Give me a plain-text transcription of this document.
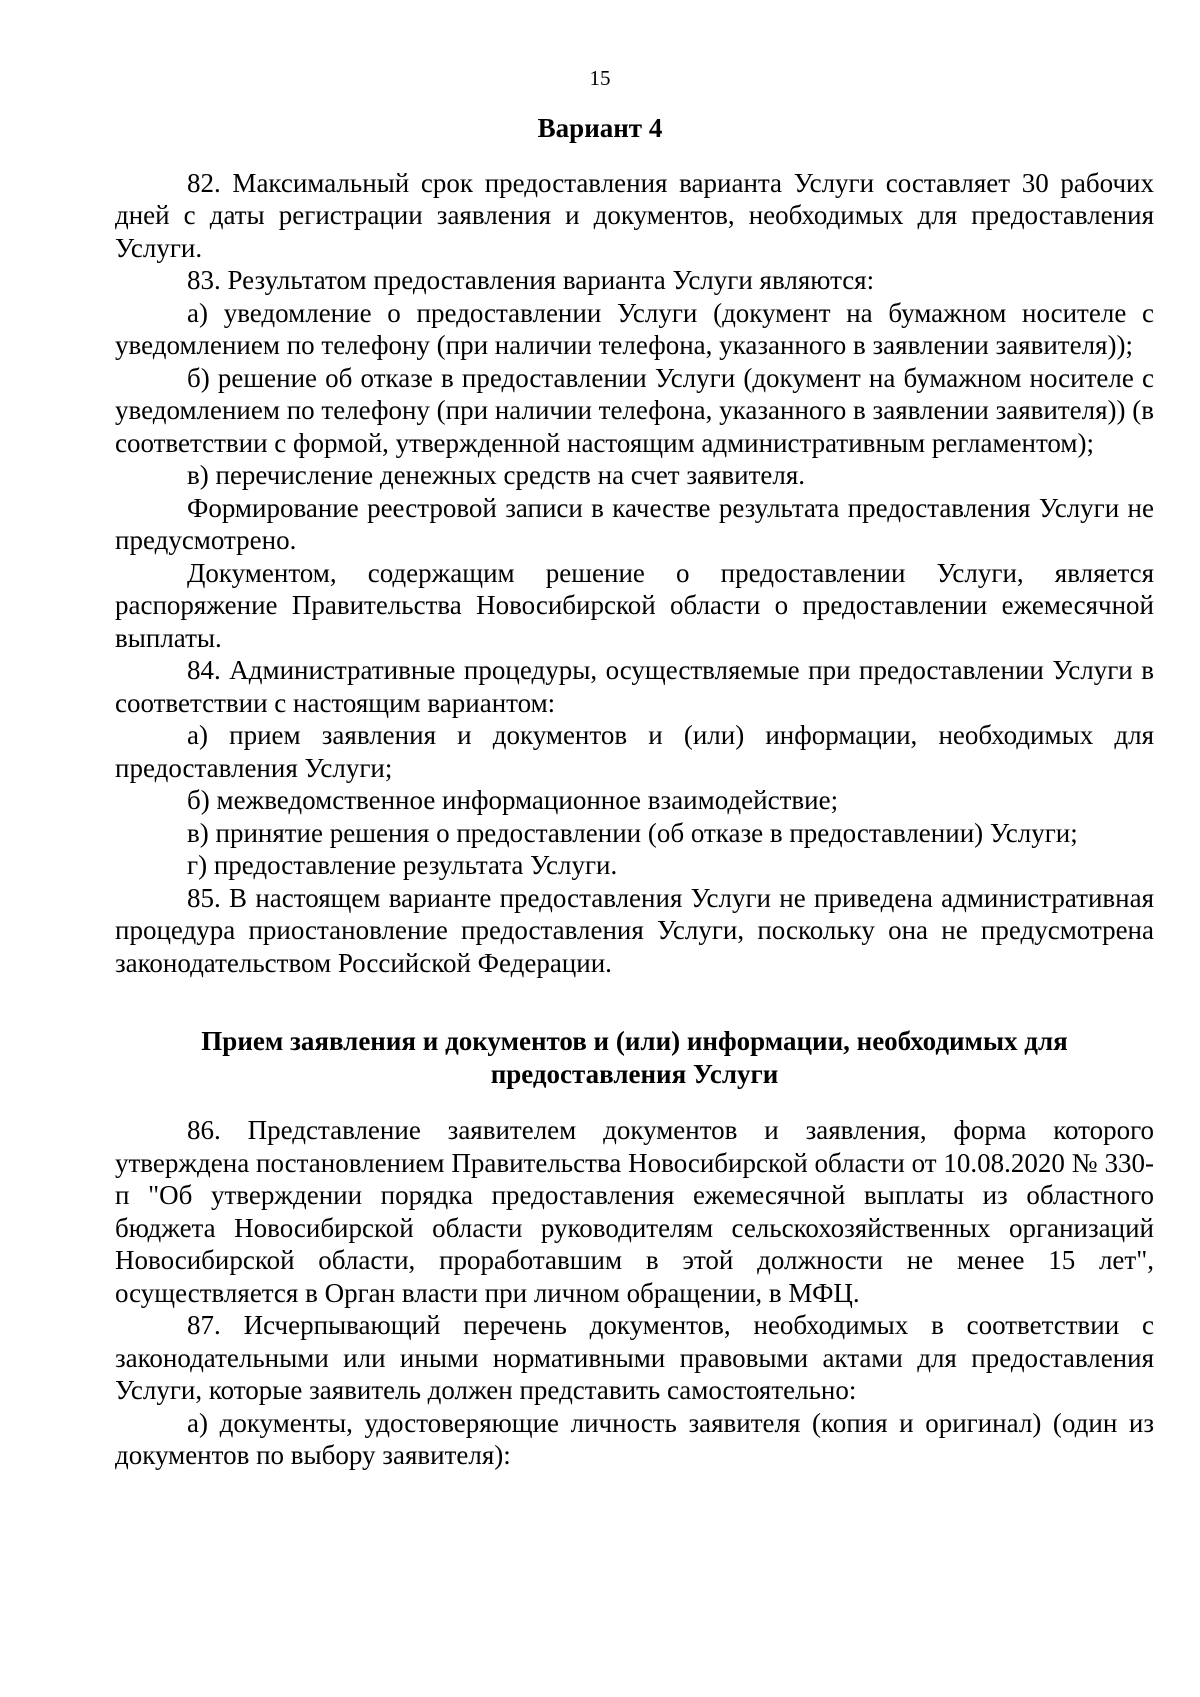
15
Вариант 4

82. Максимальный срок предоставления варианта Услуги составляет 30 рабочих дней с даты регистрации заявления и документов, необходимых для предоставления Услуги.

83. Результатом предоставления варианта Услуги являются:

а) уведомление о предоставлении Услуги (документ на бумажном носителе с уведомлением по телефону (при наличии телефона, указанного в заявлении заявителя));

б) решение об отказе в предоставлении Услуги (документ на бумажном носителе с уведомлением по телефону (при наличии телефона, указанного в заявлении заявителя)) (в соответствии с формой, утвержденной настоящим административным регламентом);

в) перечисление денежных средств на счет заявителя.

Формирование реестровой записи в качестве результата предоставления Услуги не предусмотрено.

Документом, содержащим решение о предоставлении Услуги, является распоряжение Правительства Новосибирской области о предоставлении ежемесячной выплаты.

84. Административные процедуры, осуществляемые при предоставлении Услуги в соответствии с настоящим вариантом:

а) прием заявления и документов и (или) информации, необходимых для предоставления Услуги;

б) межведомственное информационное взаимодействие;

в) принятие решения о предоставлении (об отказе в предоставлении) Услуги;

г) предоставление результата Услуги.

85. В настоящем варианте предоставления Услуги не приведена административная процедура приостановление предоставления Услуги, поскольку она не предусмотрена законодательством Российской Федерации.

Прием заявления и документов и (или) информации, необходимых для предоставления Услуги

86. Представление заявителем документов и заявления, форма которого утверждена постановлением Правительства Новосибирской области от 10.08.2020 № 330-п "Об утверждении порядка предоставления ежемесячной выплаты из областного бюджета Новосибирской области руководителям сельскохозяйственных организаций Новосибирской области, проработавшим в этой должности не менее 15 лет", осуществляется в Орган власти при личном обращении, в МФЦ.

87. Исчерпывающий перечень документов, необходимых в соответствии с законодательными или иными нормативными правовыми актами для предоставления Услуги, которые заявитель должен представить самостоятельно:

а) документы, удостоверяющие личность заявителя (копия и оригинал) (один из документов по выбору заявителя):
